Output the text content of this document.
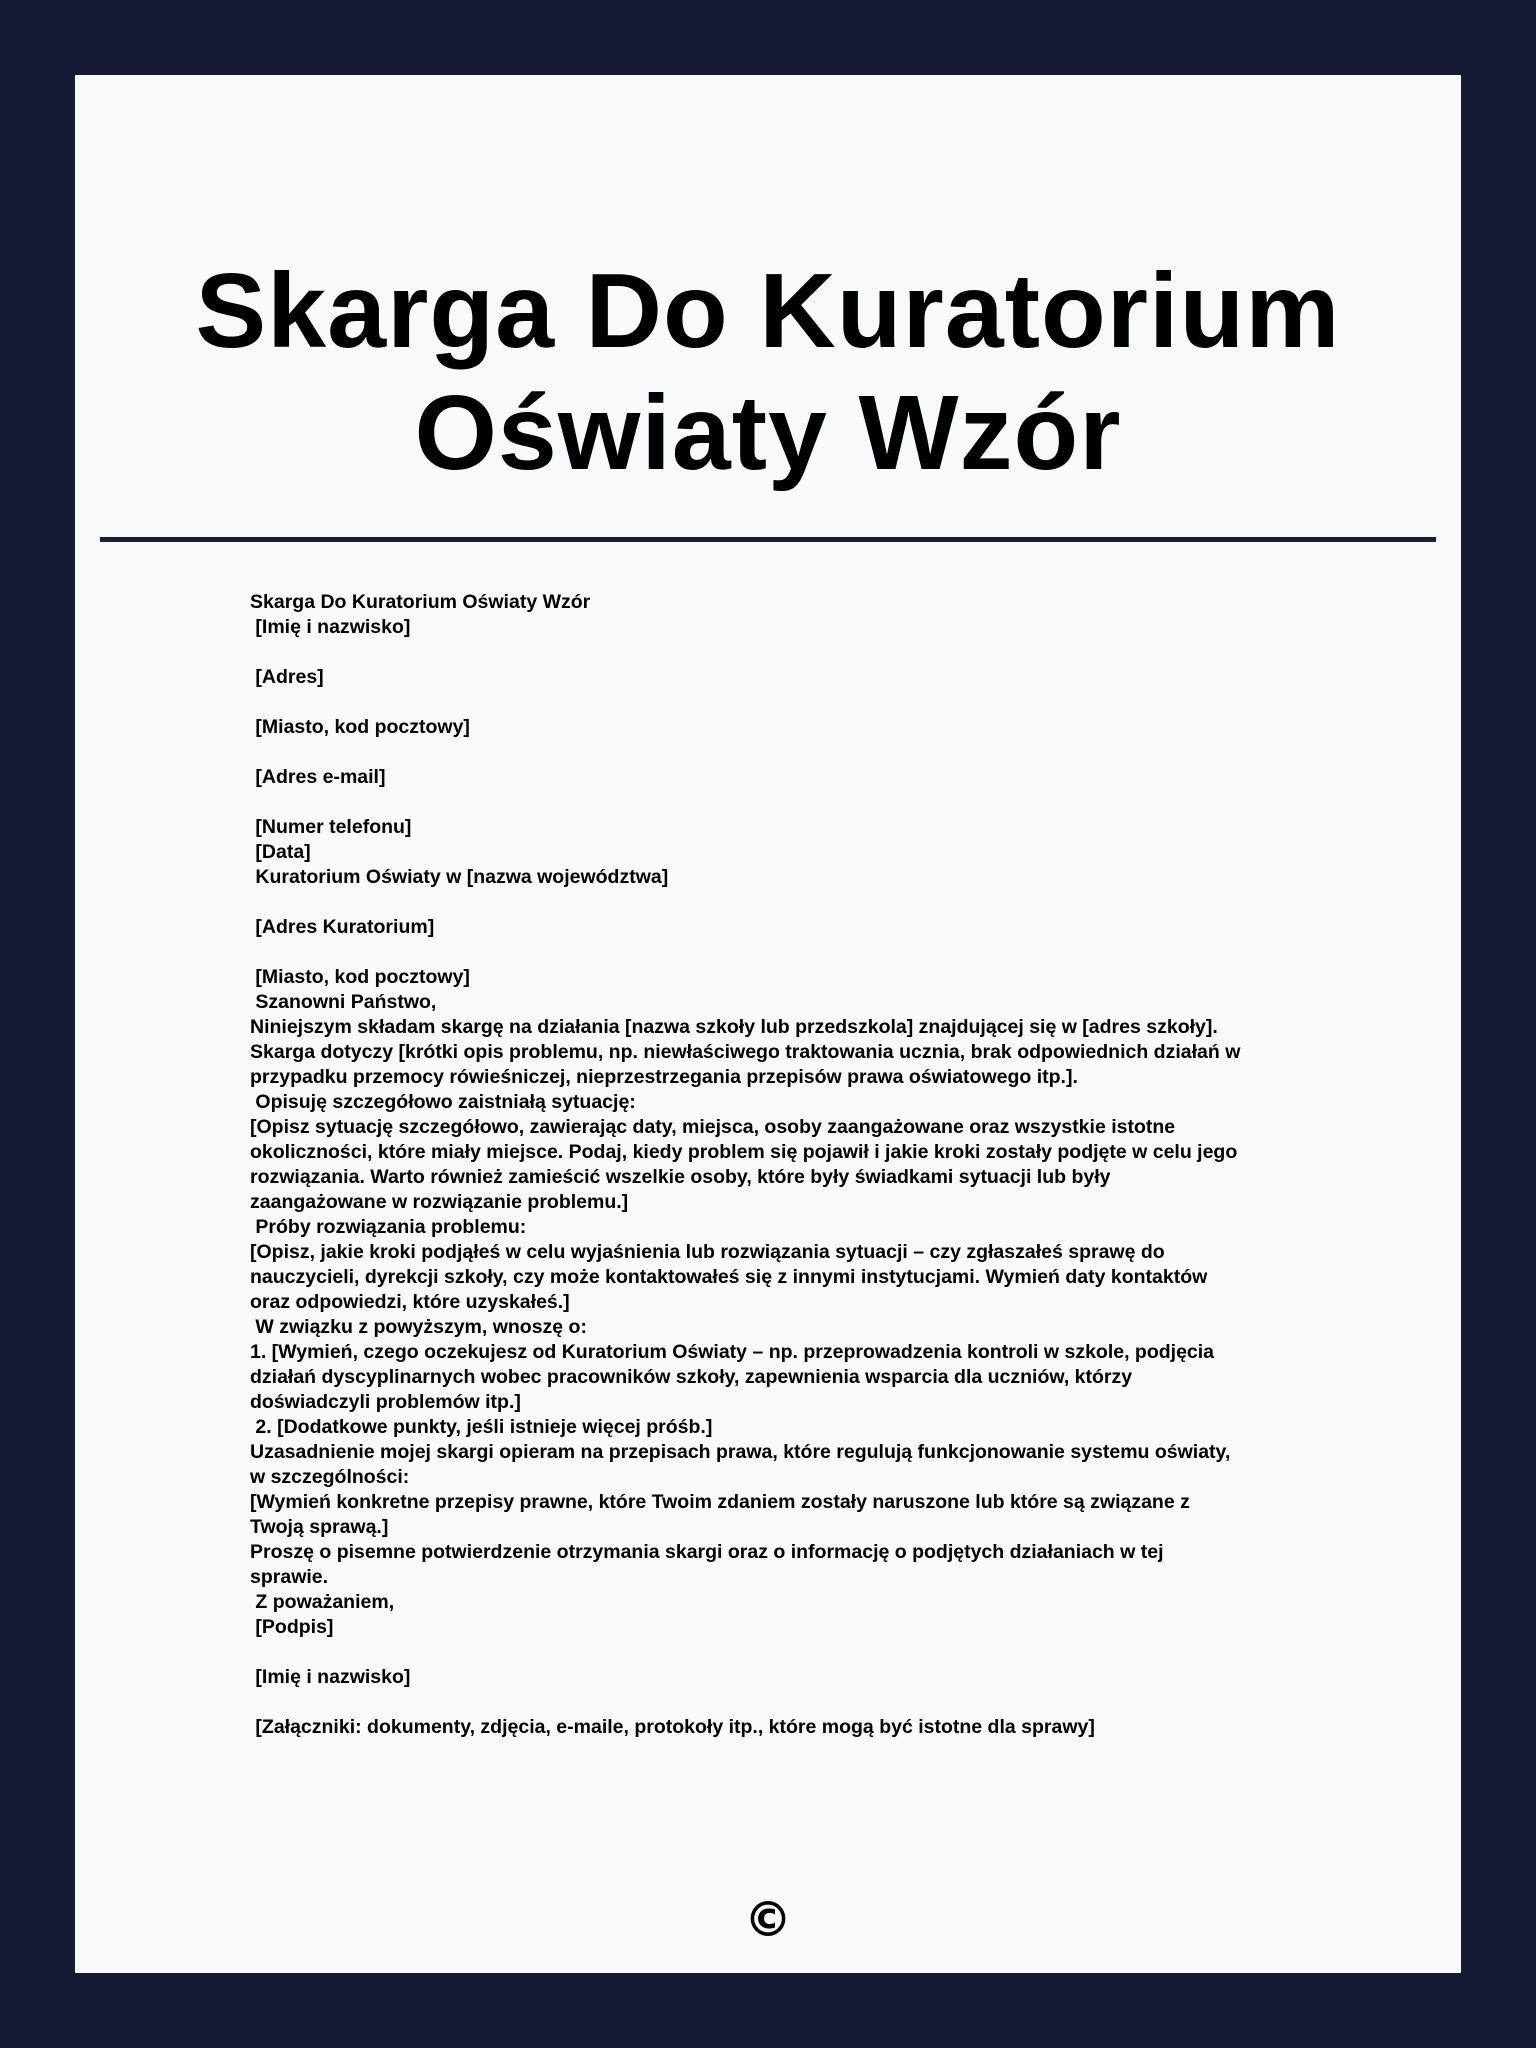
Skarga Do Kuratorium
Oświaty Wzór
Skarga Do Kuratorium Oświaty Wzór
[Imię i nazwisko]
[Adres]
[Miasto, kod pocztowy]
[Adres e-mail]
[Numer telefonu]
[Data]
Kuratorium Oświaty w [nazwa województwa]
[Adres Kuratorium]
[Miasto, kod pocztowy]
Szanowni Państwo,
Niniejszym składam skargę na działania [nazwa szkoły lub przedszkola] znajdującej się w [adres szkoły].
Skarga dotyczy [krótki opis problemu, np. niewłaściwego traktowania ucznia, brak odpowiednich działań w
przypadku przemocy rówieśniczej, nieprzestrzegania przepisów prawa oświatowego itp.].
Opisuję szczegółowo zaistniałą sytuację:
[Opisz sytuację szczegółowo, zawierając daty, miejsca, osoby zaangażowane oraz wszystkie istotne
okoliczności, które miały miejsce. Podaj, kiedy problem się pojawił i jakie kroki zostały podjęte w celu jego
rozwiązania. Warto również zamieścić wszelkie osoby, które były świadkami sytuacji lub były
zaangażowane w rozwiązanie problemu.]
Próby rozwiązania problemu:
[Opisz, jakie kroki podjąłeś w celu wyjaśnienia lub rozwiązania sytuacji – czy zgłaszałeś sprawę do
nauczycieli, dyrekcji szkoły, czy może kontaktowałeś się z innymi instytucjami. Wymień daty kontaktów
oraz odpowiedzi, które uzyskałeś.]
W związku z powyższym, wnoszę o:
1. [Wymień, czego oczekujesz od Kuratorium Oświaty – np. przeprowadzenia kontroli w szkole, podjęcia
działań dyscyplinarnych wobec pracowników szkoły, zapewnienia wsparcia dla uczniów, którzy
doświadczyli problemów itp.]
2. [Dodatkowe punkty, jeśli istnieje więcej próśb.]
Uzasadnienie mojej skargi opieram na przepisach prawa, które regulują funkcjonowanie systemu oświaty,
w szczególności:
[Wymień konkretne przepisy prawne, które Twoim zdaniem zostały naruszone lub które są związane z
Twoją sprawą.]
Proszę o pisemne potwierdzenie otrzymania skargi oraz o informację o podjętych działaniach w tej
sprawie.
Z poważaniem,
[Podpis]
[Imię i nazwisko]
[Załączniki: dokumenty, zdjęcia, e-maile, protokoły itp., które mogą być istotne dla sprawy]
©
